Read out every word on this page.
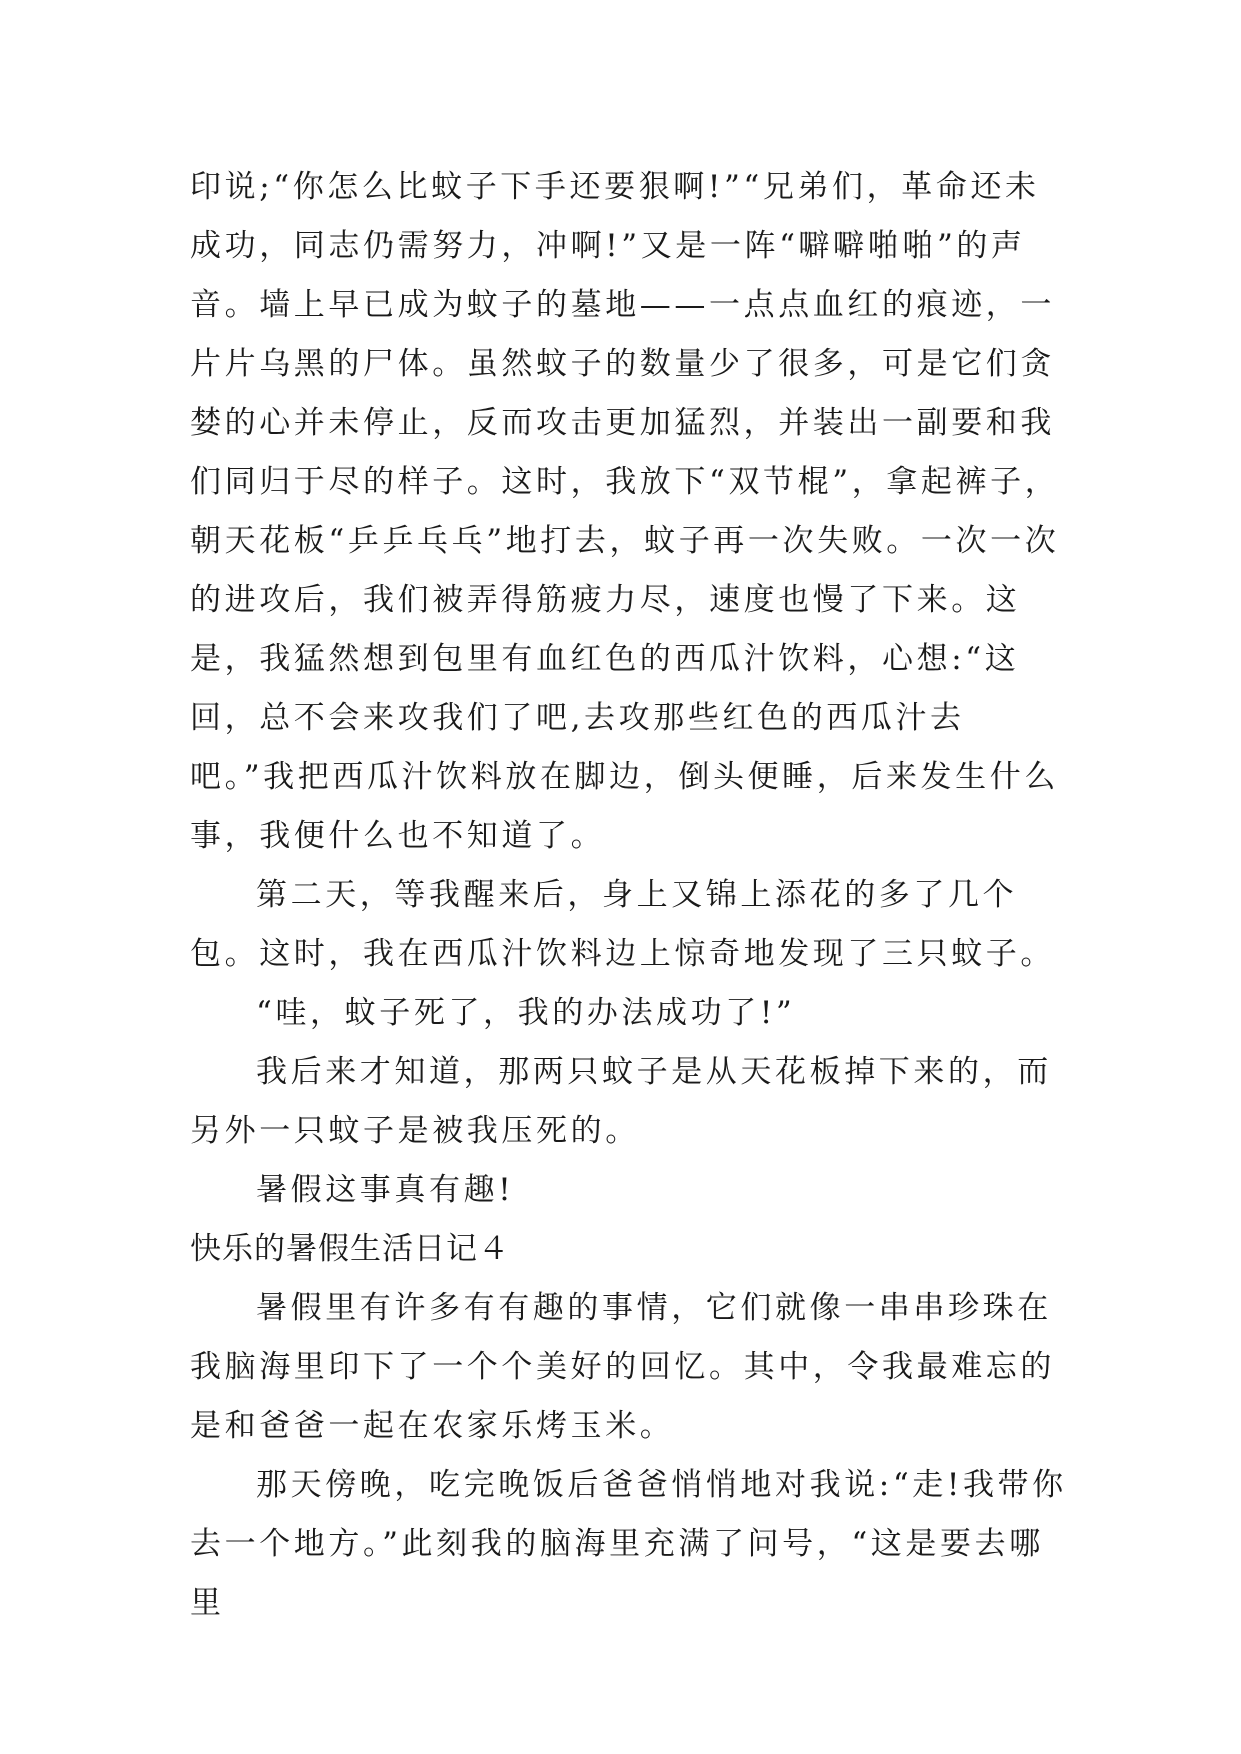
印说;“你怎么比蚊子下手还要狠啊!”“兄弟们，革命还未成功，同志仍需努力，冲啊!”又是一阵“噼噼啪啪”的声音。墙上早已成为蚊子的墓地——一点点血红的痕迹，一片片乌黑的尸体。虽然蚊子的数量少了很多，可是它们贪婪的心并未停止，反而攻击更加猛烈，并装出一副要和我们同归于尽的样子。这时，我放下“双节棍”，拿起裤子，朝天花板“乒乒乓乓”地打去，蚊子再一次失败。一次一次的进攻后，我们被弄得筋疲力尽，速度也慢了下来。这是，我猛然想到包里有血红色的西瓜汁饮料，心想:“这回，总不会来攻我们了吧,去攻那些红色的西瓜汁去吧。”我把西瓜汁饮料放在脚边，倒头便睡，后来发生什么事，我便什么也不知道了。

第二天，等我醒来后，身上又锦上添花的多了几个包。这时，我在西瓜汁饮料边上惊奇地发现了三只蚊子。

“哇，蚊子死了，我的办法成功了!”

我后来才知道，那两只蚊子是从天花板掉下来的，而另外一只蚊子是被我压死的。

暑假这事真有趣!

快乐的暑假生活日记４

暑假里有许多有有趣的事情，它们就像一串串珍珠在我脑海里印下了一个个美好的回忆。其中，令我最难忘的是和爸爸一起在农家乐烤玉米。

那天傍晚，吃完晚饭后爸爸悄悄地对我说:“走!我带你去一个地方。”此刻我的脑海里充满了问号，“这是要去哪里
